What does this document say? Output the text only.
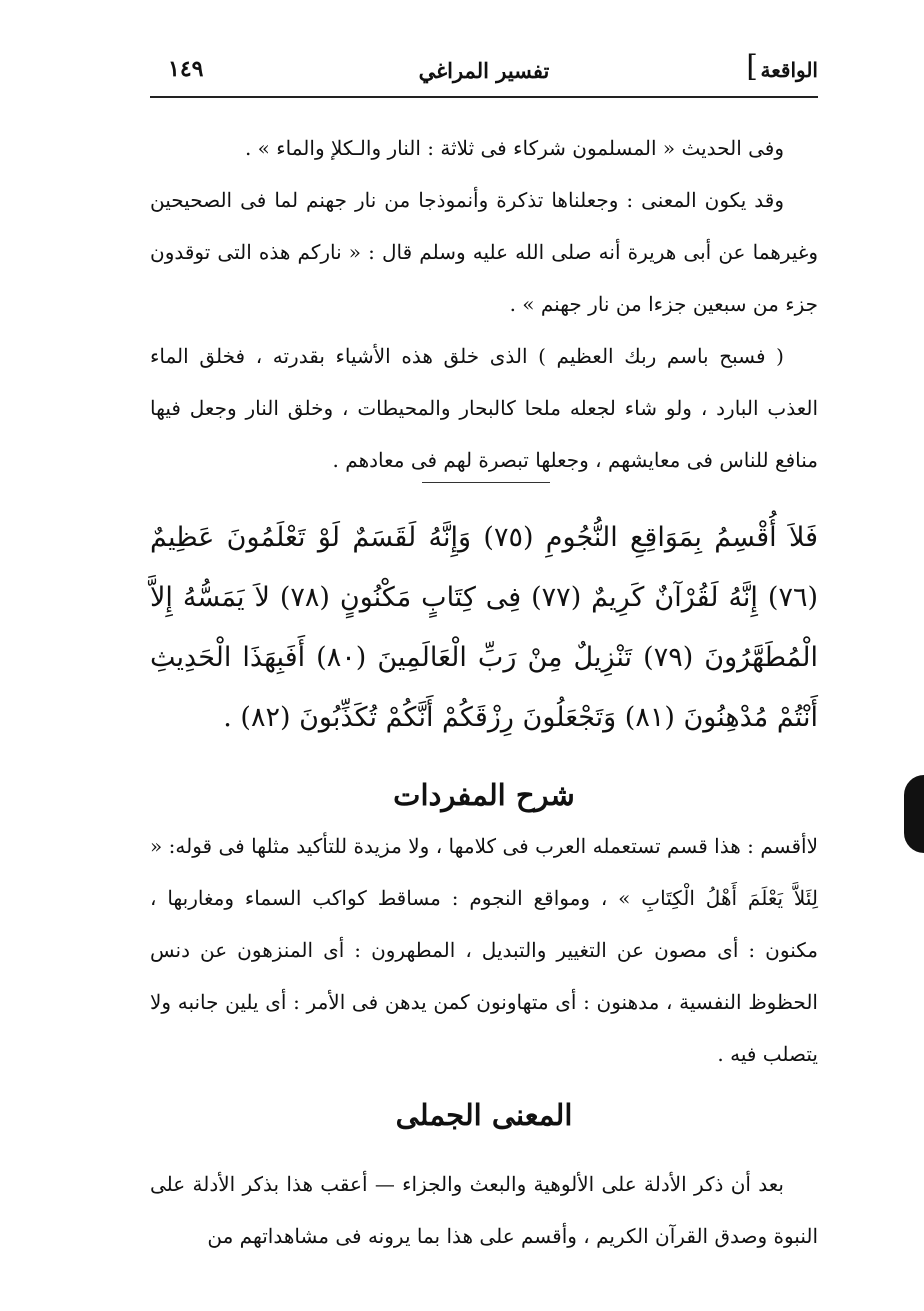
الواقعة
]
تفسير المراغي
١٤٩

وفى الحديث « المسلمون شركاء فى ثلاثة : النار والـكلإ والماء » .

وقد يكون المعنى : وجعلناها تذكرة وأنموذجا من نار جهنم لما فى الصحيحين وغيرهما عن أبى هريرة أنه صلى الله عليه وسلم قال : « ناركم هذه التى توقدون جزء من سبعين جزءا من نار جهنم » .

( فسبح باسم ربك العظيم ) الذى خلق هذه الأشياء بقدرته ، فخلق الماء العذب البارد ، ولو شاء لجعله ملحا كالبحار والمحيطات ، وخلق النار وجعل فيها منافع للناس فى معايشهم ، وجعلها تبصرة لهم فى معادهم .

فَلاَ أُقْسِمُ بِمَوَاقِعِ النُّجُومِ (٧٥) وَإِنَّهُ لَقَسَمٌ لَوْ تَعْلَمُونَ عَظِيمٌ (٧٦) إِنَّهُ لَقُرْآنٌ كَرِيمٌ (٧٧) فِى كِتَابٍ مَكْنُونٍ (٧٨) لاَ يَمَسُّهُ إِلاَّ الْمُطَهَّرُونَ (٧٩) تَنْزِيلٌ مِنْ رَبِّ الْعَالَمِينَ (٨٠) أَفَبِهَذَا الْحَدِيثِ أَنْتُمْ مُدْهِنُونَ (٨١) وَتَجْعَلُونَ رِزْقَكُمْ أَنَّكُمْ تُكَذِّبُونَ (٨٢) .

شرح المفردات

لاأقسم : هذا قسم تستعمله العرب فى كلامها ، ولا مزيدة للتأكيد مثلها فى قوله: « لِئَلاَّ يَعْلَمَ أَهْلُ الْكِتَابِ » ، ومواقع النجوم : مساقط كواكب السماء ومغاربها ، مكنون : أى مصون عن التغيير والتبديل ، المطهرون : أى المنزهون عن دنس الحظوظ النفسية ، مدهنون : أى متهاونون كمن يدهن فى الأمر : أى يلين جانبه ولا يتصلب فيه .

المعنى الجملى

بعد أن ذكر الأدلة على الألوهية والبعث والجزاء — أعقب هذا بذكر الأدلة على النبوة وصدق القرآن الكريم ، وأقسم على هذا بما يرونه فى مشاهداتهم من
